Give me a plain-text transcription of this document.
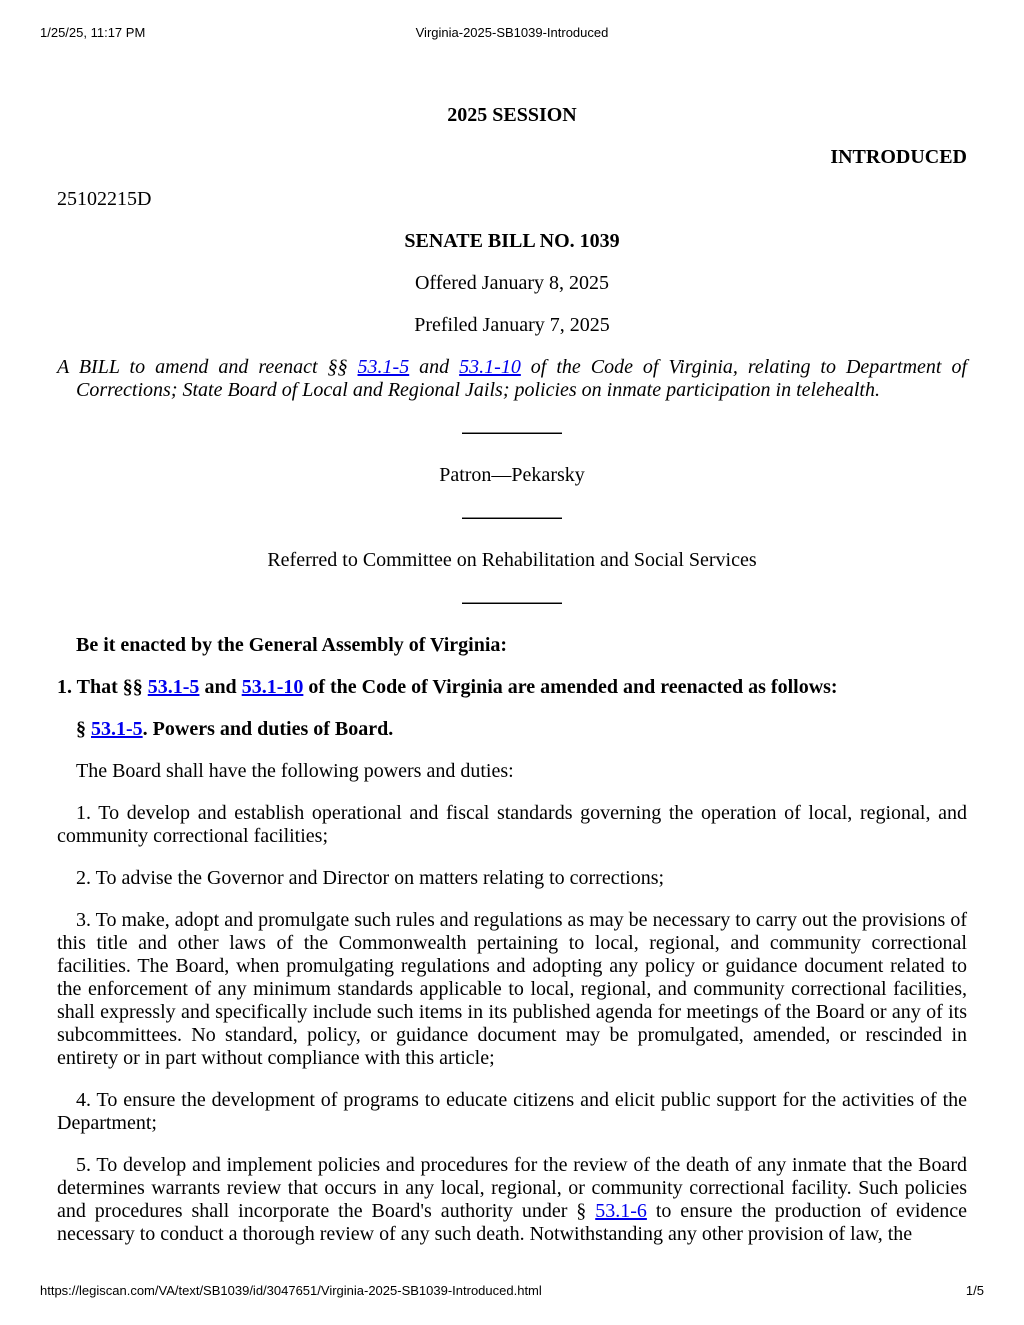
1/25/25, 11:17 PM	Virginia-2025-SB1039-Introduced

2025 SESSION

INTRODUCED

25102215D

SENATE BILL NO. 1039

Offered January 8, 2025

Prefiled January 7, 2025

A BILL to amend and reenact §§ 53.1-5 and 53.1-10 of the Code of Virginia, relating to Department of Corrections; State Board of Local and Regional Jails; policies on inmate participation in telehealth.

Patron—Pekarsky

Referred to Committee on Rehabilitation and Social Services

Be it enacted by the General Assembly of Virginia:

1. That §§ 53.1-5 and 53.1-10 of the Code of Virginia are amended and reenacted as follows:

§ 53.1-5. Powers and duties of Board.

The Board shall have the following powers and duties:

1. To develop and establish operational and fiscal standards governing the operation of local, regional, and community correctional facilities;

2. To advise the Governor and Director on matters relating to corrections;

3. To make, adopt and promulgate such rules and regulations as may be necessary to carry out the provisions of this title and other laws of the Commonwealth pertaining to local, regional, and community correctional facilities. The Board, when promulgating regulations and adopting any policy or guidance document related to the enforcement of any minimum standards applicable to local, regional, and community correctional facilities, shall expressly and specifically include such items in its published agenda for meetings of the Board or any of its subcommittees. No standard, policy, or guidance document may be promulgated, amended, or rescinded in entirety or in part without compliance with this article;

4. To ensure the development of programs to educate citizens and elicit public support for the activities of the Department;

5. To develop and implement policies and procedures for the review of the death of any inmate that the Board determines warrants review that occurs in any local, regional, or community correctional facility. Such policies and procedures shall incorporate the Board's authority under § 53.1-6 to ensure the production of evidence necessary to conduct a thorough review of any such death. Notwithstanding any other provision of law, the

https://legiscan.com/VA/text/SB1039/id/3047651/Virginia-2025-SB1039-Introduced.html	1/5
